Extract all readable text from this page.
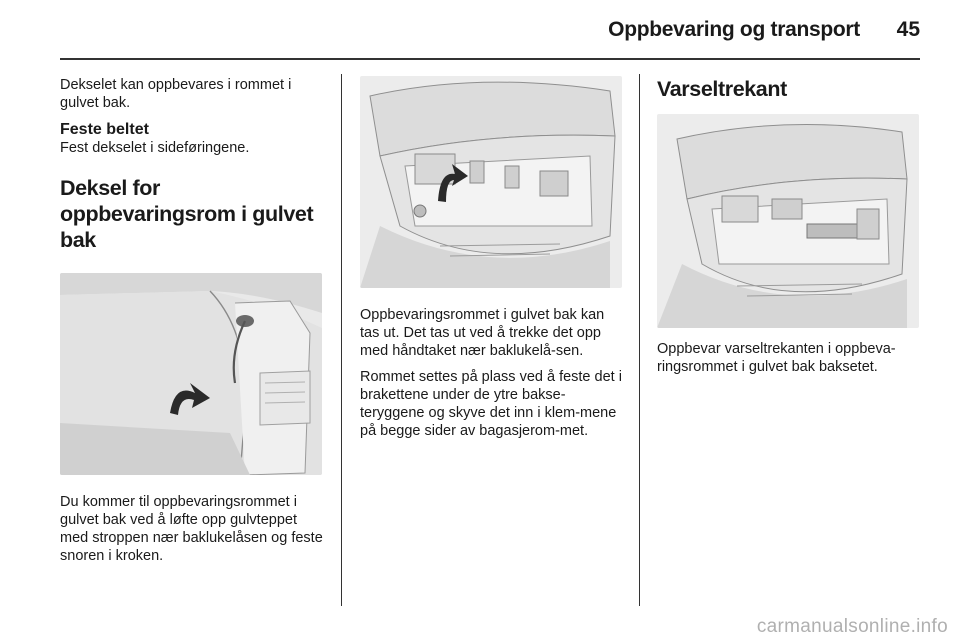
Oppbevaring og transport	45

Dekselet kan oppbevares i rommet i gulvet bak.

Feste beltet

Fest dekselet i sideføringene.

Deksel for oppbevaringsrom i gulvet bak

Du kommer til oppbevaringsrommet i gulvet bak ved å løfte opp gulvteppet med stroppen nær baklukelåsen og feste snoren i kroken.

Oppbevaringsrommet i gulvet bak kan tas ut. Det tas ut ved å trekke det opp med håndtaket nær baklukelå-sen.

Rommet settes på plass ved å feste det i brakettene under de ytre bakse-teryggene og skyve det inn i klem-mene på begge sider av bagasjerom-met.

Varseltrekant

Oppbevar varseltrekanten i oppbeva-ringsrommet i gulvet bak baksetet.

carmanualsonline.info
